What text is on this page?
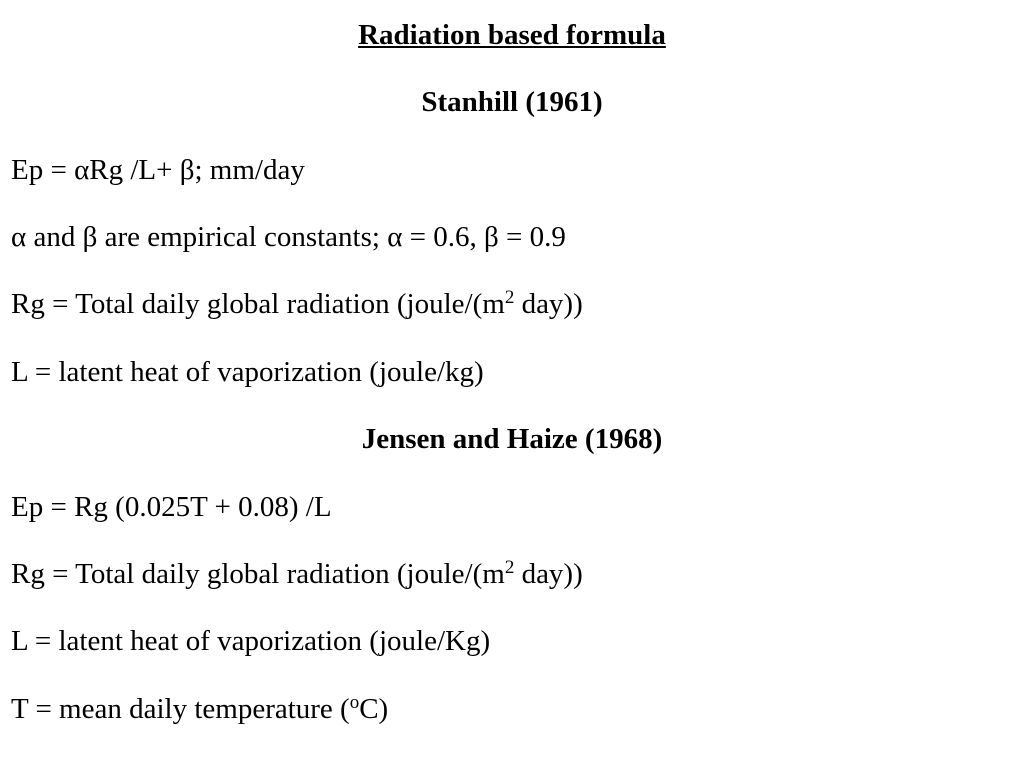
Radiation based formula
Stanhill (1961)
Ep = αRg /L+ β; mm/day
α and β are empirical constants; α = 0.6, β = 0.9
Rg = Total daily global radiation ($joule/(m^2$ day))
L = latent heat of vaporization (joule/kg)
Jensen and Haize (1968)
Ep = Rg (0.025T + 0.08) /L
Rg = Total daily global radiation ($joule/(m^2$ day))
L = latent heat of vaporization (joule/Kg)
T = mean daily temperature ($^o$C)
